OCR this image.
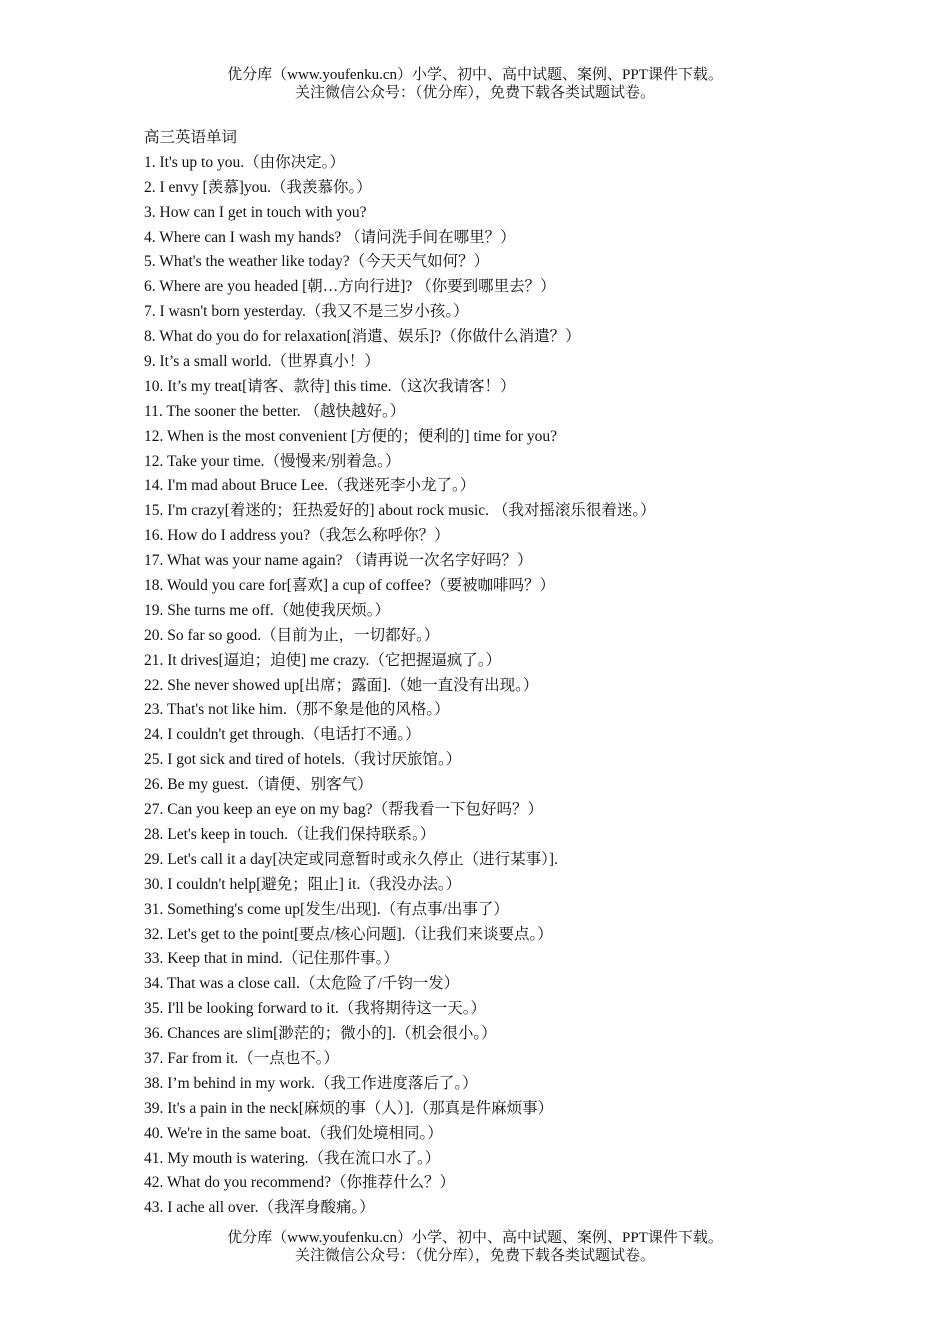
优分库（www.youfenku.cn）小学、初中、高中试题、案例、PPT课件下载。
关注微信公众号：（优分库），免费下载各类试题试卷。
高三英语单词
1. It's up to you.（由你决定。）
2. I envy [羡慕]you.（我羡慕你。）
3. How can I get in touch with you?
4. Where can I wash my hands? （请问洗手间在哪里？）
5. What's the weather like today?（今天天气如何？）
6. Where are you headed [朝…方向行进]? （你要到哪里去？）
7. I wasn't born yesterday.（我又不是三岁小孩。）
8. What do you do for relaxation[消遣、娱乐]?（你做什么消遣？）
9. It’s a small world.（世界真小！）
10. It’s my treat[请客、款待] this time.（这次我请客！）
11. The sooner the better. （越快越好。）
12. When is the most convenient [方便的；便利的] time for you?
12. Take your time.（慢慢来/别着急。）
14. I'm mad about Bruce Lee.（我迷死李小龙了。）
15. I'm crazy[着迷的；狂热爱好的] about rock music. （我对摇滚乐很着迷。）
16. How do I address you?（我怎么称呼你？）
17. What was your name again? （请再说一次名字好吗？）
18. Would you care for[喜欢] a cup of coffee?（要被咖啡吗？）
19. She turns me off.（她使我厌烦。）
20. So far so good.（目前为止，一切都好。）
21. It drives[逼迫；迫使] me crazy.（它把握逼疯了。）
22. She never showed up[出席；露面].（她一直没有出现。）
23. That's not like him.（那不象是他的风格。）
24. I couldn't get through.（电话打不通。）
25. I got sick and tired of hotels.（我讨厌旅馆。）
26. Be my guest.（请便、别客气）
27. Can you keep an eye on my bag?（帮我看一下包好吗？）
28. Let's keep in touch.（让我们保持联系。）
29. Let's call it a day[决定或同意暂时或永久停止（进行某事）].
30. I couldn't help[避免；阻止] it.（我没办法。）
31. Something's come up[发生/出现].（有点事/出事了）
32. Let's get to the point[要点/核心问题].（让我们来谈要点。）
33. Keep that in mind.（记住那件事。）
34. That was a close call.（太危险了/千钧一发）
35. I'll be looking forward to it.（我将期待这一天。）
36. Chances are slim[渺茫的；微小的].（机会很小。）
37. Far from it.（一点也不。）
38. I’m behind in my work.（我工作进度落后了。）
39. It's a pain in the neck[麻烦的事（人）].（那真是件麻烦事）
40. We're in the same boat.（我们处境相同。）
41. My mouth is watering.（我在流口水了。）
42. What do you recommend?（你推荐什么？）
43. I ache all over.（我浑身酸痛。）
优分库（www.youfenku.cn）小学、初中、高中试题、案例、PPT课件下载。
关注微信公众号：（优分库），免费下载各类试题试卷。
